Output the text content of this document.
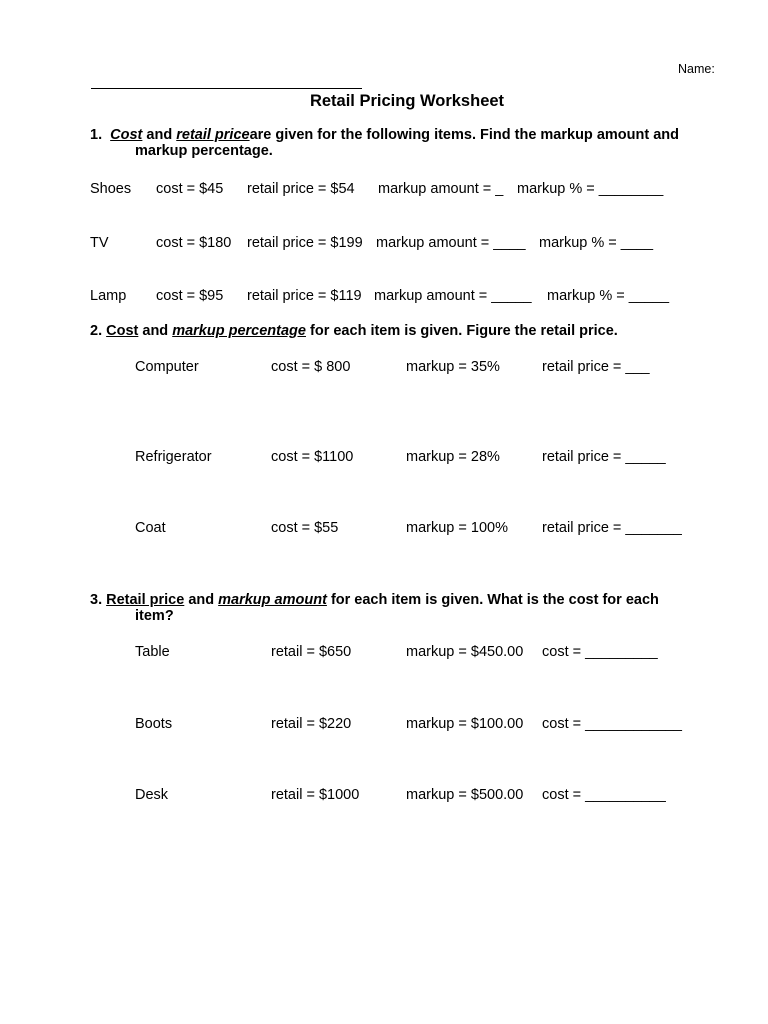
Name:
Retail Pricing Worksheet
1. Cost and retail priceare given for the following items. Find the markup amount and
markup percentage.
Shoes cost = $45 retail price = $54 markup amount = _ markup % = ________
TV	cost = $180 retail price = $199 markup amount = ____ markup % = ____
Lamp cost = $95 retail price = $119 markup amount = _____ markup % = _____
2. Cost and markup percentage for each item is given. Figure the retail price.
Computer	cost = $ 800	markup = 35%	retail price = ___
Refrigerator	cost = $1100	markup = 28%	retail price = _____
Coat	cost = $55	markup = 100% retail price = _______
3. Retail price and markup amount for each item is given. What is the cost for each
item?
Table	retail = $650	markup = $450.00 cost = _________
Boots	retail = $220	markup = $100.00 cost = ____________
Desk	retail = $1000	markup = $500.00 cost = __________
